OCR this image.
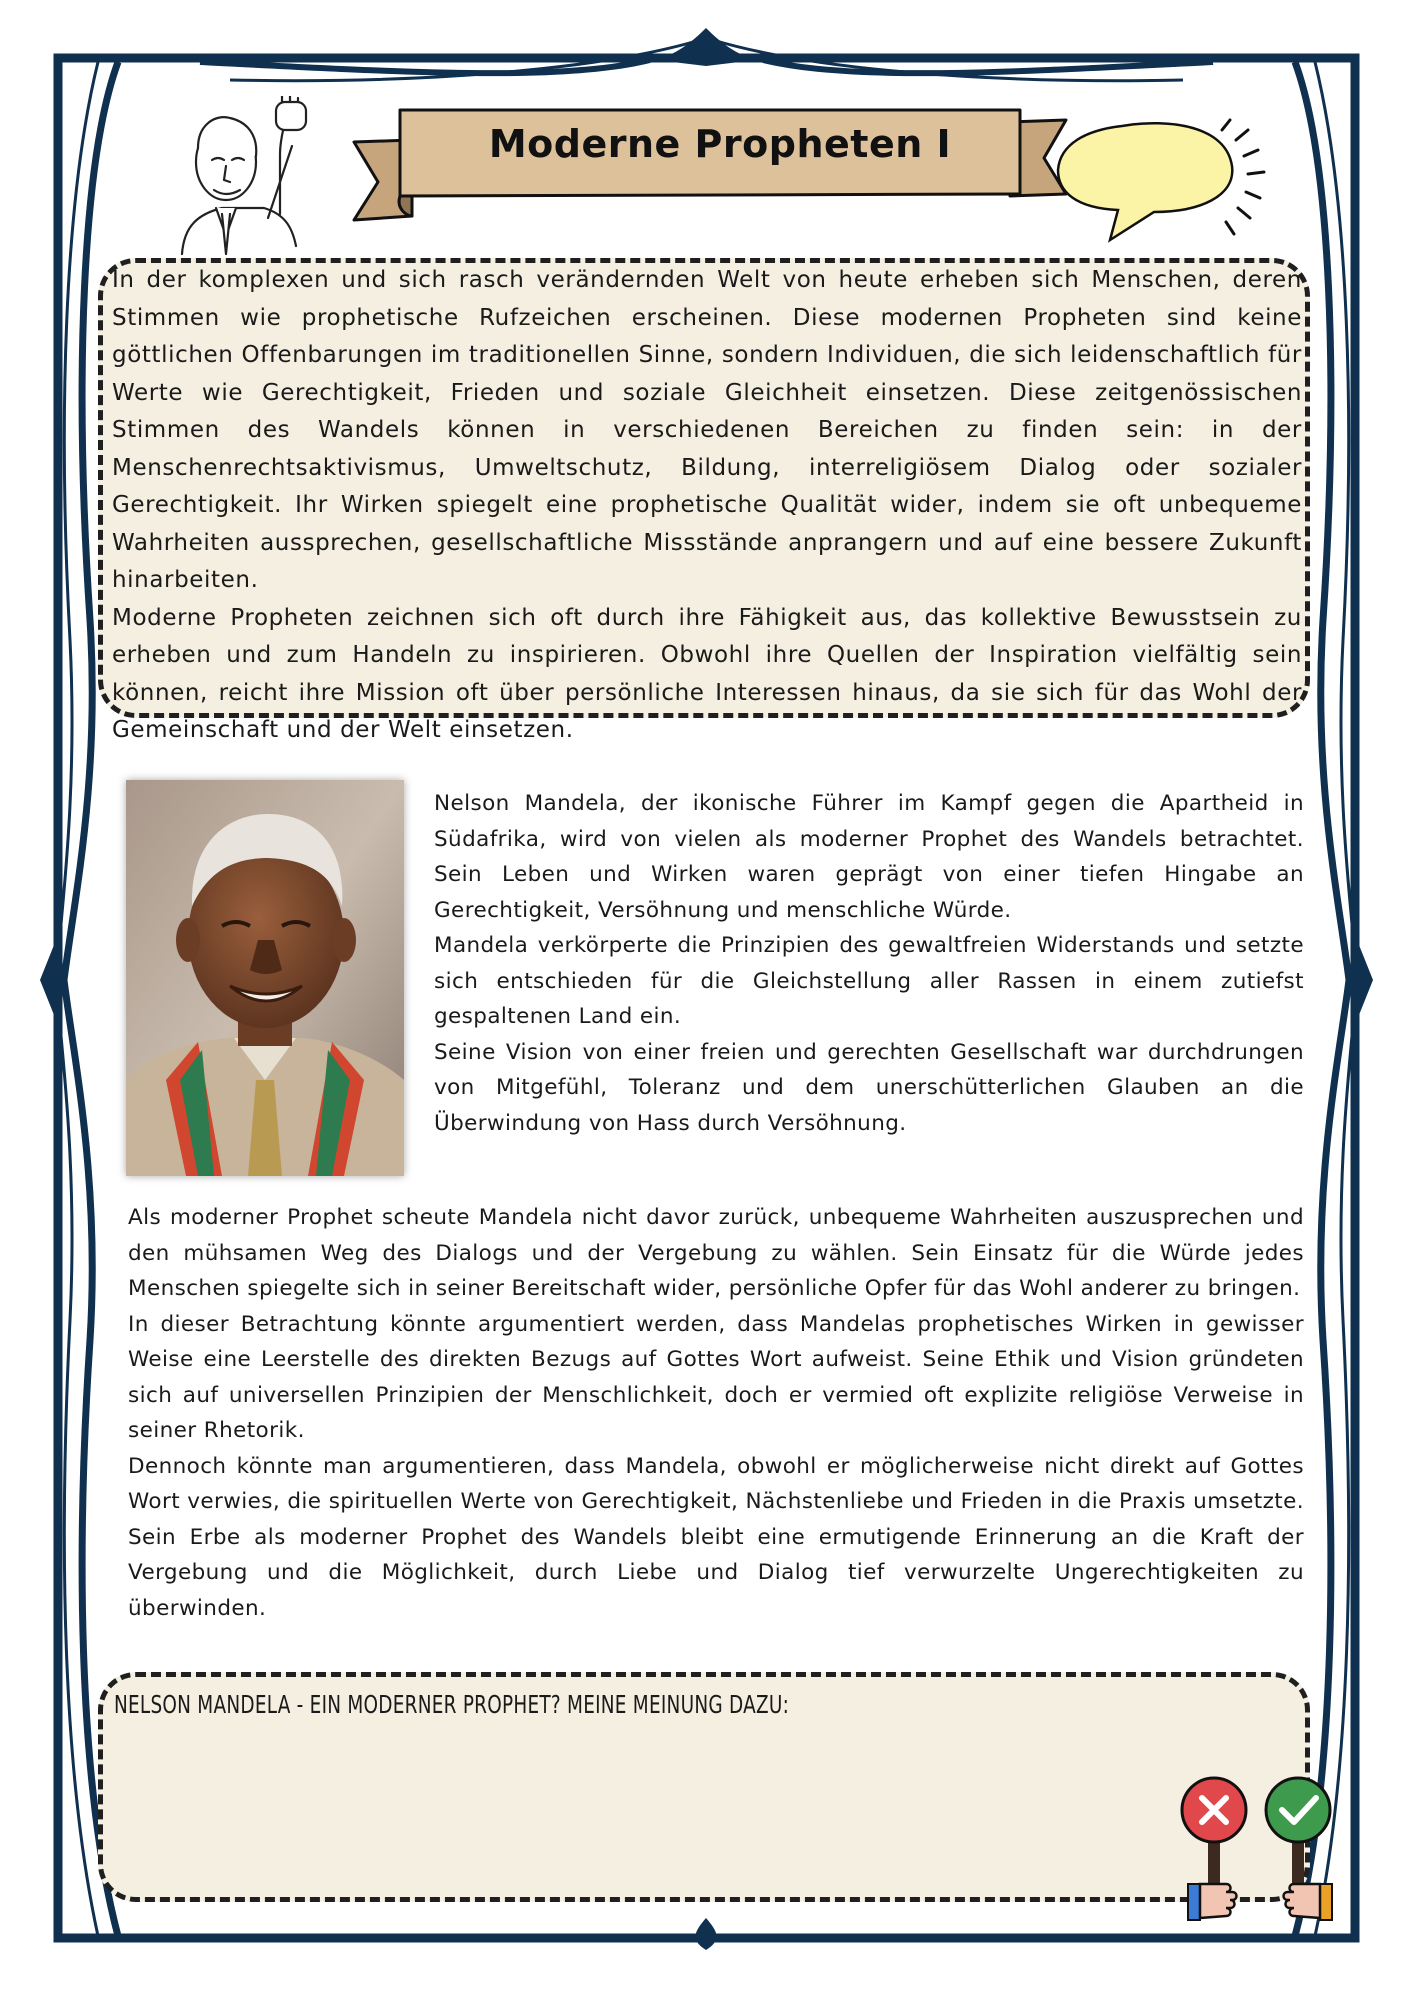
Moderne Propheten I

In der komplexen und sich rasch verändernden Welt von heute erheben sich Menschen, deren Stimmen wie prophetische Rufzeichen erscheinen. Diese modernen Propheten sind keine göttlichen Offenbarungen im traditionellen Sinne, sondern Individuen, die sich leidenschaftlich für Werte wie Gerechtigkeit, Frieden und soziale Gleichheit einsetzen. Diese zeitgenössischen Stimmen des Wandels können in verschiedenen Bereichen zu finden sein: in der Menschenrechtsaktivismus, Umweltschutz, Bildung, interreligiösem Dialog oder sozialer Gerechtigkeit. Ihr Wirken spiegelt eine prophetische Qualität wider, indem sie oft unbequeme Wahrheiten aussprechen, gesellschaftliche Missstände anprangern und auf eine bessere Zukunft hinarbeiten.

Moderne Propheten zeichnen sich oft durch ihre Fähigkeit aus, das kollektive Bewusstsein zu erheben und zum Handeln zu inspirieren. Obwohl ihre Quellen der Inspiration vielfältig sein können, reicht ihre Mission oft über persönliche Interessen hinaus, da sie sich für das Wohl der Gemeinschaft und der Welt einsetzen.

Nelson Mandela, der ikonische Führer im Kampf gegen die Apartheid in Südafrika, wird von vielen als moderner Prophet des Wandels betrachtet. Sein Leben und Wirken waren geprägt von einer tiefen Hingabe an Gerechtigkeit, Versöhnung und menschliche Würde.

Mandela verkörperte die Prinzipien des gewaltfreien Widerstands und setzte sich entschieden für die Gleichstellung aller Rassen in einem zutiefst gespaltenen Land ein.

Seine Vision von einer freien und gerechten Gesellschaft war durchdrungen von Mitgefühl, Toleranz und dem unerschütterlichen Glauben an die Überwindung von Hass durch Versöhnung.

Als moderner Prophet scheute Mandela nicht davor zurück, unbequeme Wahrheiten auszusprechen und den mühsamen Weg des Dialogs und der Vergebung zu wählen. Sein Einsatz für die Würde jedes Menschen spiegelte sich in seiner Bereitschaft wider, persönliche Opfer für das Wohl anderer zu bringen.

In dieser Betrachtung könnte argumentiert werden, dass Mandelas prophetisches Wirken in gewisser Weise eine Leerstelle des direkten Bezugs auf Gottes Wort aufweist. Seine Ethik und Vision gründeten sich auf universellen Prinzipien der Menschlichkeit, doch er vermied oft explizite religiöse Verweise in seiner Rhetorik.

Dennoch könnte man argumentieren, dass Mandela, obwohl er möglicherweise nicht direkt auf Gottes Wort verwies, die spirituellen Werte von Gerechtigkeit, Nächstenliebe und Frieden in die Praxis umsetzte. Sein Erbe als moderner Prophet des Wandels bleibt eine ermutigende Erinnerung an die Kraft der Vergebung und die Möglichkeit, durch Liebe und Dialog tief verwurzelte Ungerechtigkeiten zu überwinden.

NELSON MANDELA - EIN MODERNER PROPHET? MEINE MEINUNG DAZU:
